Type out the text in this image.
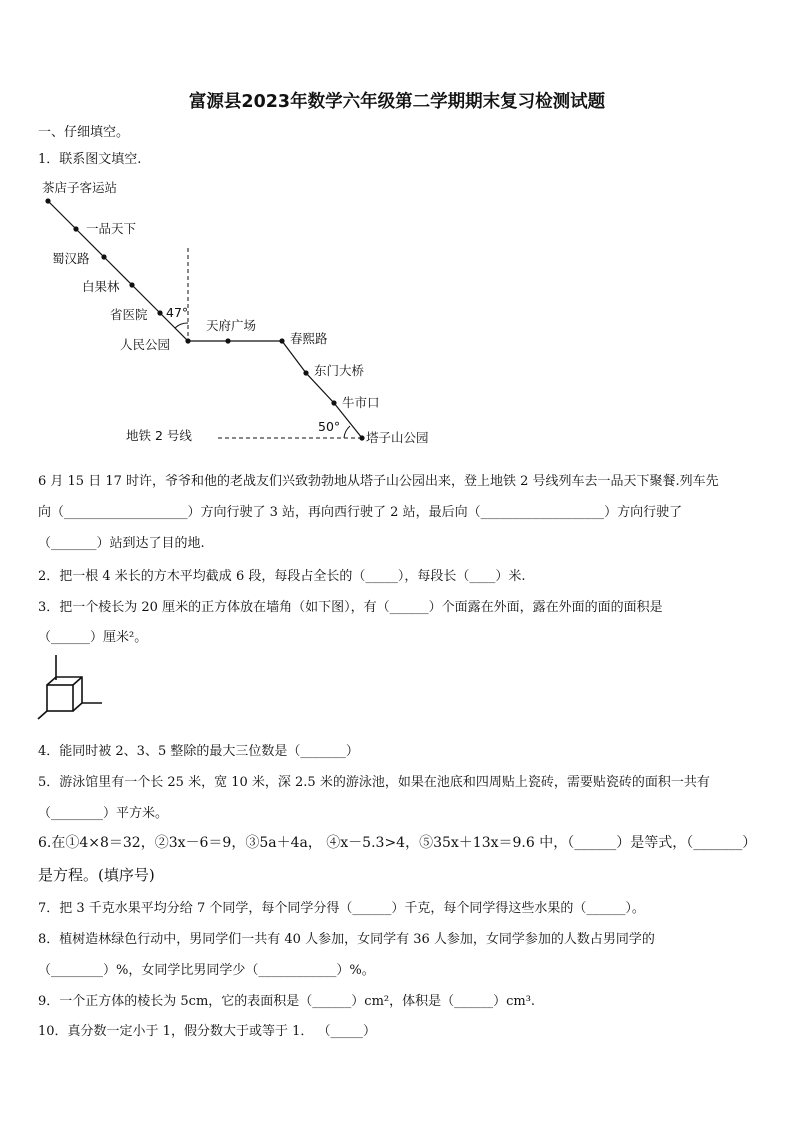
富源县2023年数学六年级第二学期期末复习检测试题
一、仔细填空。
1．联系图文填空.
茶店子客运站
一品天下
蜀汉路
白果林
省医院
人民公园
天府广场
春熙路
东门大桥
牛市口
塔子山公园
47°
50°
地铁 2 号线
6 月 15 日 17 时许，爷爷和他的老战友们兴致勃勃地从塔子山公园出来，登上地铁 2 号线列车去一品天下聚餐.列车先
向（___________________）方向行驶了 3 站，再向西行驶了 2 站，最后向（___________________）方向行驶了
（_______）站到达了目的地.
2．把一根 4 米长的方木平均截成 6 段，每段占全长的（_____），每段长（____）米.
3．把一个棱长为 20 厘米的正方体放在墙角（如下图），有（______）个面露在外面，露在外面的面的面积是
（______）厘米²。
4．能同时被 2、3、5 整除的最大三位数是（_______）
5．游泳馆里有一个长 25 米，宽 10 米，深 2.5 米的游泳池，如果在池底和四周贴上瓷砖，需要贴瓷砖的面积一共有
（________）平方米。
6.在①4×8＝32，②3x－6＝9，③5a＋4a， ④x－5.3>4，⑤35x＋13x＝9.6 中，（______）是等式，（_______）
是方程。(填序号)
7．把 3 千克水果平均分给 7 个同学，每个同学分得（______）千克，每个同学得这些水果的（______）。
8．植树造林绿色行动中，男同学们一共有 40 人参加，女同学有 36 人参加，女同学参加的人数占男同学的
（________）%，女同学比男同学少（____________）%。
9．一个正方体的棱长为 5cm，它的表面积是（______）cm²，体积是（______）cm³.
10．真分数一定小于 1，假分数大于或等于 1． （_____）
